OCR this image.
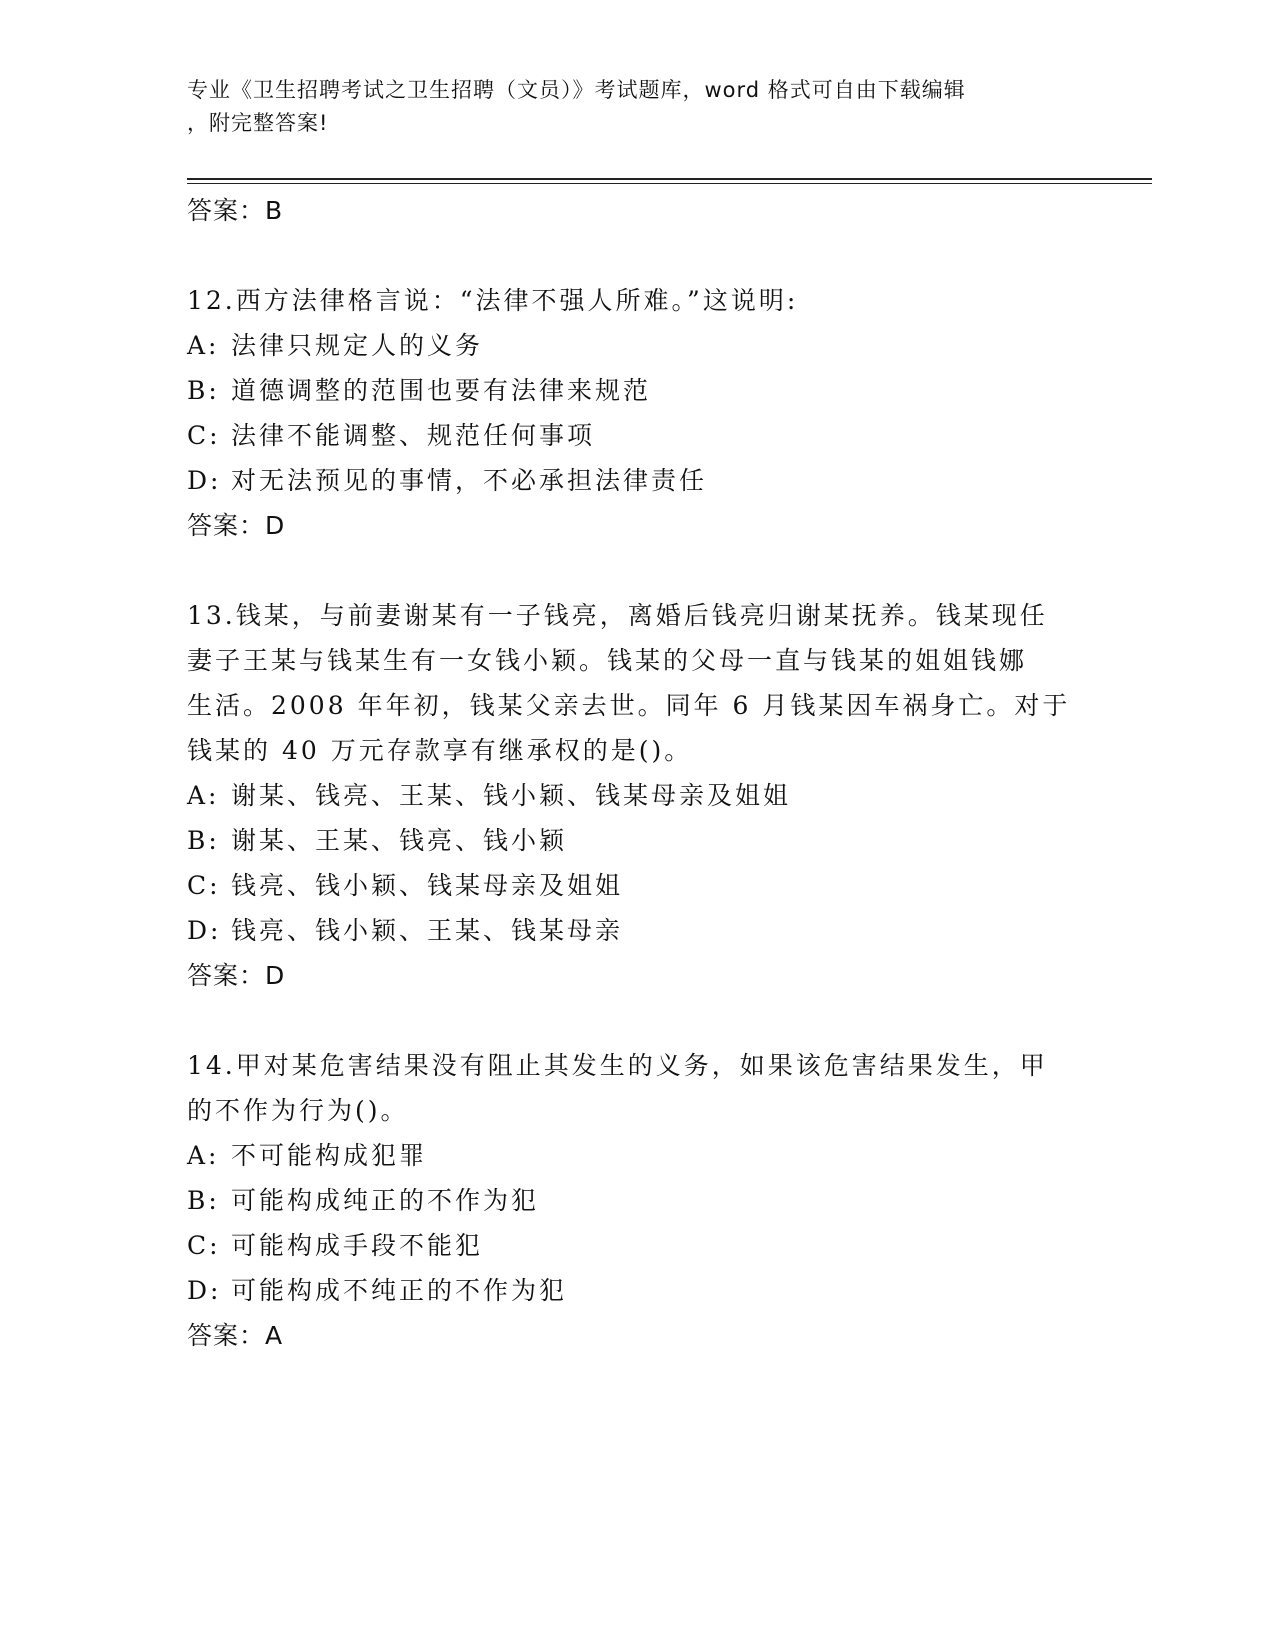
专业《卫生招聘考试之卫生招聘（文员）》考试题库，word 格式可自由下载编辑
，附完整答案!
答案：B
12.西方法律格言说：“法律不强人所难。”这说明:
A: 法律只规定人的义务
B: 道德调整的范围也要有法律来规范
C: 法律不能调整、规范任何事项
D: 对无法预见的事情，不必承担法律责任
答案：D
13.钱某，与前妻谢某有一子钱亮，离婚后钱亮归谢某抚养。钱某现任
妻子王某与钱某生有一女钱小颖。钱某的父母一直与钱某的姐姐钱娜
生活。2008 年年初，钱某父亲去世。同年 6 月钱某因车祸身亡。对于
钱某的 40 万元存款享有继承权的是()。
A: 谢某、钱亮、王某、钱小颖、钱某母亲及姐姐
B: 谢某、王某、钱亮、钱小颖
C: 钱亮、钱小颖、钱某母亲及姐姐
D: 钱亮、钱小颖、王某、钱某母亲
答案：D
14.甲对某危害结果没有阻止其发生的义务，如果该危害结果发生，甲
的不作为行为()。
A: 不可能构成犯罪
B: 可能构成纯正的不作为犯
C: 可能构成手段不能犯
D: 可能构成不纯正的不作为犯
答案：A
